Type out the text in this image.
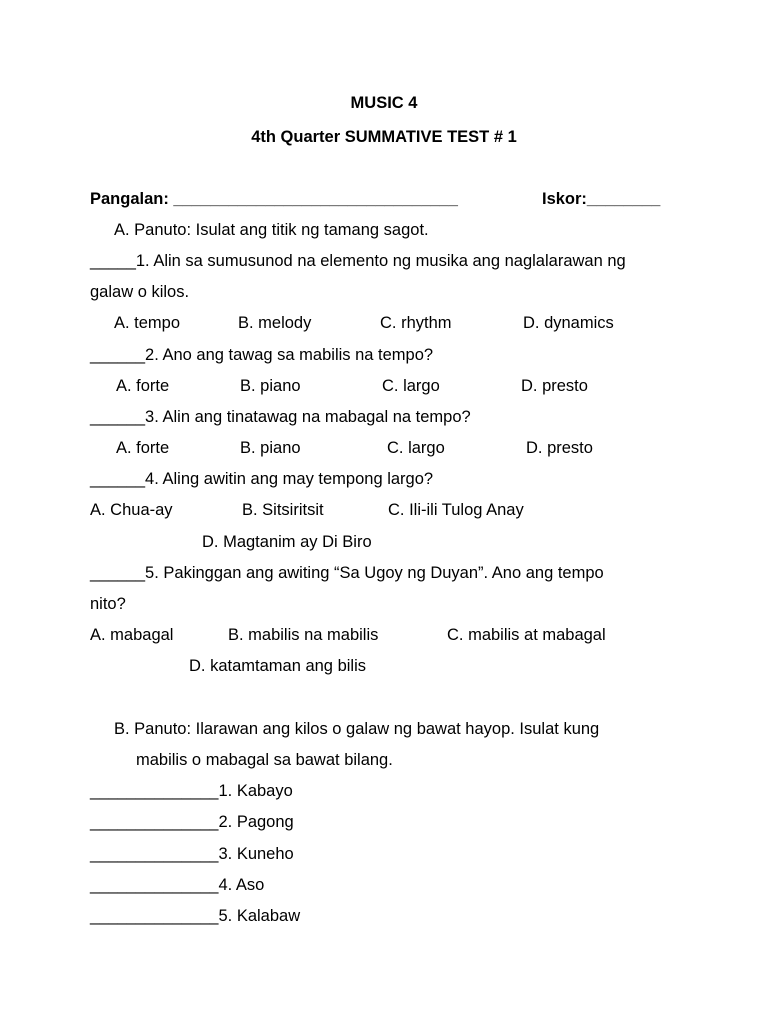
MUSIC 4
4th Quarter SUMMATIVE TEST # 1
Pangalan: _______________________________	Iskor:________
A. Panuto: Isulat ang titik ng tamang sagot.
_____1. Alin sa sumusunod na elemento ng musika ang naglalarawan ng
galaw o kilos.
A. tempo	B. melody	C. rhythm	D. dynamics
______2. Ano ang tawag sa mabilis na tempo?
A. forte	B. piano	C. largo	D. presto
______3. Alin ang tinatawag na mabagal na tempo?
A. forte	B. piano	C. largo	D. presto
______4. Aling awitin ang may tempong largo?
A. Chua-ay	B. Sitsiritsit	C. Ili-ili Tulog Anay
D. Magtanim ay Di Biro
______5. Pakinggan ang awiting “Sa Ugoy ng Duyan”. Ano ang tempo
nito?
A. mabagal	B. mabilis na mabilis	C. mabilis at mabagal
D. katamtaman ang bilis
B. Panuto: Ilarawan ang kilos o galaw ng bawat hayop. Isulat kung
mabilis o mabagal sa bawat bilang.
______________1. Kabayo
______________2. Pagong
______________3. Kuneho
______________4. Aso
______________5. Kalabaw
